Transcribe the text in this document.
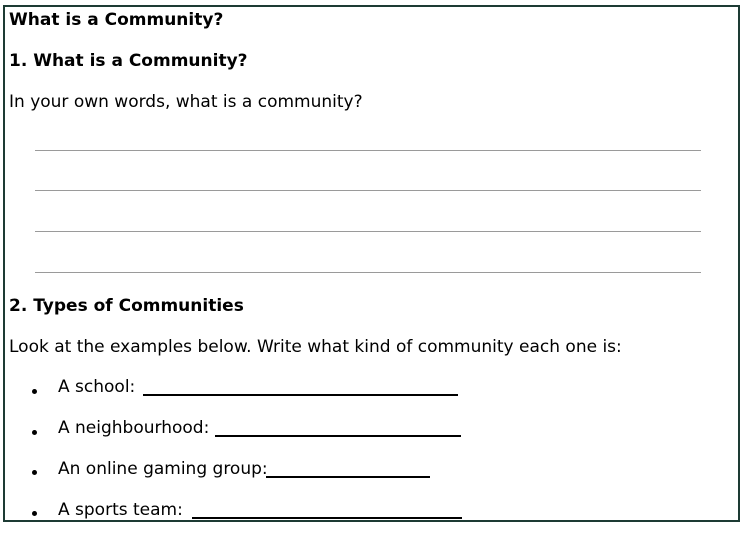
What is a Community?
1. What is a Community?
In your own words, what is a community?
2. Types of Communities
Look at the examples below. Write what kind of community each one is:
A school:
A neighbourhood:
An online gaming group:
A sports team:
